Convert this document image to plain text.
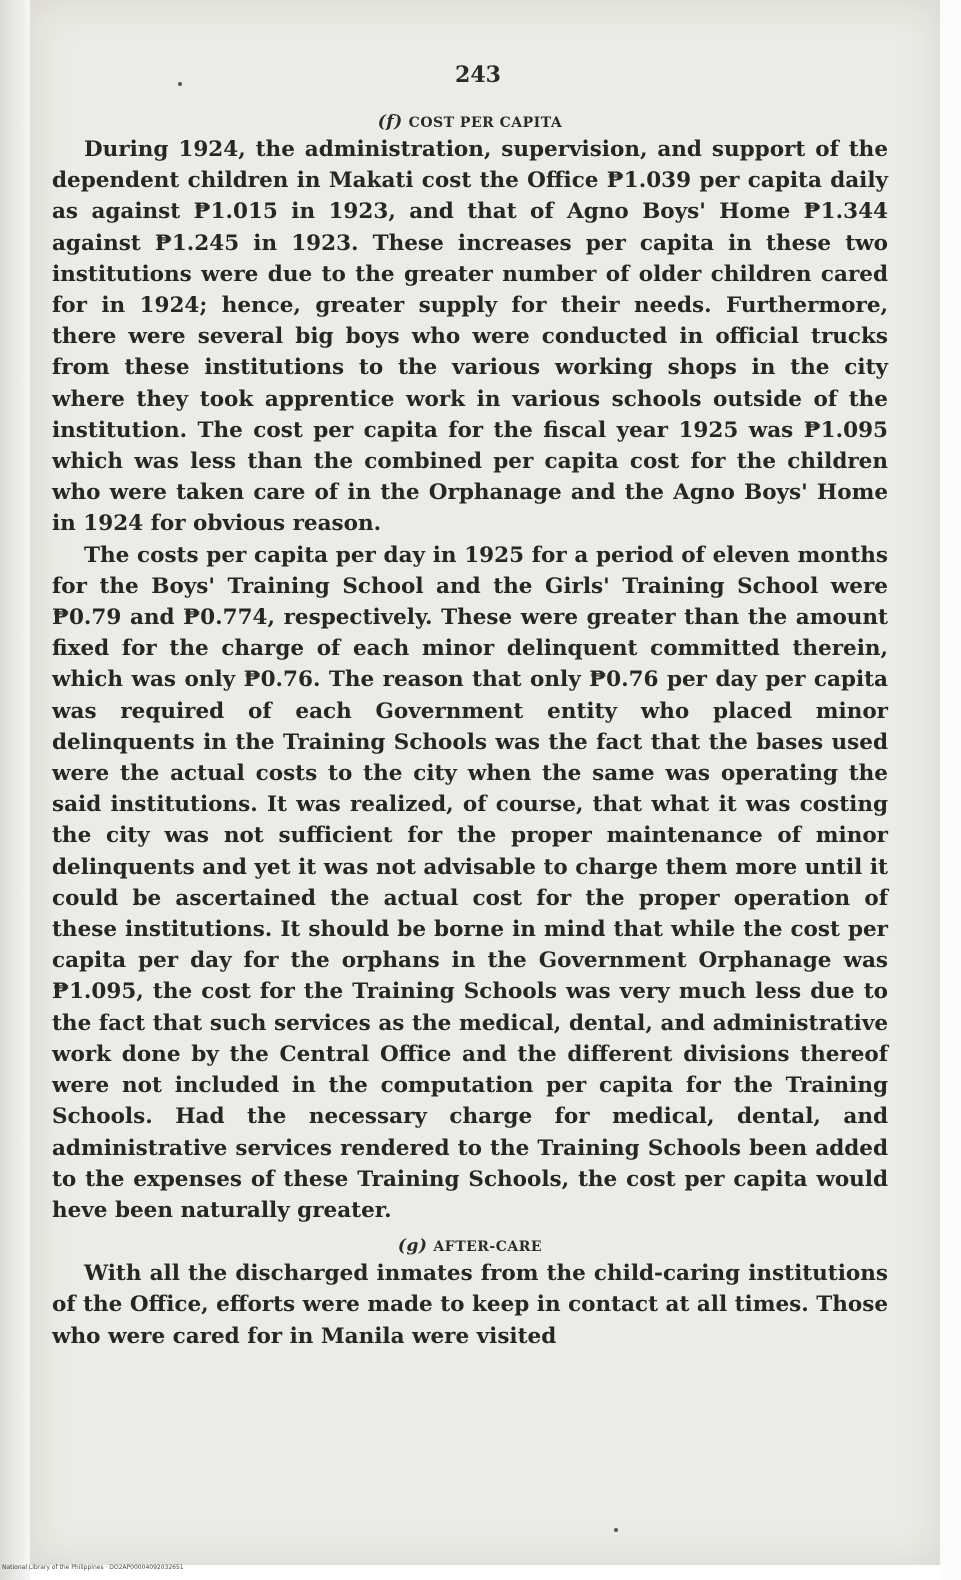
243
(f) COST PER CAPITA

During 1924, the administration, supervision, and support of the dependent children in Makati cost the Office ₱1.039 per capita daily as against ₱1.015 in 1923, and that of Agno Boys' Home ₱1.344 against ₱1.245 in 1923. These increases per capita in these two institutions were due to the greater number of older children cared for in 1924; hence, greater supply for their needs. Furthermore, there were several big boys who were conducted in official trucks from these institutions to the various working shops in the city where they took apprentice work in various schools outside of the institution. The cost per capita for the fiscal year 1925 was ₱1.095 which was less than the combined per capita cost for the children who were taken care of in the Orphanage and the Agno Boys' Home in 1924 for obvious reason.

The costs per capita per day in 1925 for a period of eleven months for the Boys' Training School and the Girls' Training School were ₱0.79 and ₱0.774, respectively. These were greater than the amount fixed for the charge of each minor delinquent committed therein, which was only ₱0.76. The reason that only ₱0.76 per day per capita was required of each Government entity who placed minor delinquents in the Training Schools was the fact that the bases used were the actual costs to the city when the same was operating the said institutions. It was realized, of course, that what it was costing the city was not sufficient for the proper maintenance of minor delinquents and yet it was not advisable to charge them more until it could be ascertained the actual cost for the proper operation of these institutions. It should be borne in mind that while the cost per capita per day for the orphans in the Government Orphanage was ₱1.095, the cost for the Training Schools was very much less due to the fact that such services as the medical, dental, and administrative work done by the Central Office and the different divisions thereof were not included in the computation per capita for the Training Schools. Had the necessary charge for medical, dental, and administrative services rendered to the Training Schools been added to the expenses of these Training Schools, the cost per capita would heve been naturally greater.

(g) AFTER-CARE

With all the discharged inmates from the child-caring institutions of the Office, efforts were made to keep in contact at all times. Those who were cared for in Manila were visited

National Library of the Philippines · DO2AP00004092032651
